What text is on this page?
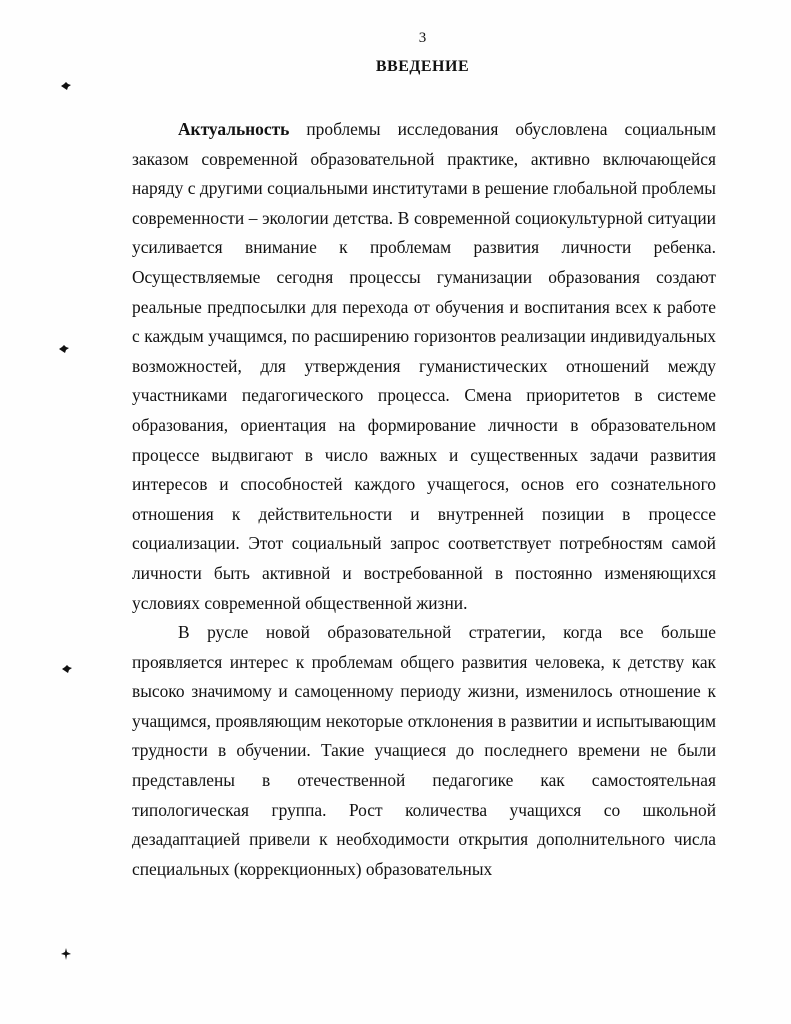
3
ВВЕДЕНИЕ

Актуальность проблемы исследования обусловлена социальным заказом современной образовательной практике, активно включающейся наряду с другими социальными институтами в решение глобальной проблемы современности – экологии детства. В современной социокультурной ситуации усиливается внимание к проблемам развития личности ребенка. Осуществляемые сегодня процессы гуманизации образования создают реальные предпосылки для перехода от обучения и воспитания всех к работе с каждым учащимся, по расширению горизонтов реализации индивидуальных возможностей, для утверждения гуманистических отношений между участниками педагогического процесса. Смена приоритетов в системе образования, ориентация на формирование личности в образовательном процессе выдвигают в число важных и существенных задачи развития интересов и способностей каждого учащегося, основ его сознательного отношения к действительности и внутренней позиции в процессе социализации. Этот социальный запрос соответствует потребностям самой личности быть активной и востребованной в постоянно изменяющихся условиях современной общественной жизни.

В русле новой образовательной стратегии, когда все больше проявляется интерес к проблемам общего развития человека, к детству как высоко значимому и самоценному периоду жизни, изменилось отношение к учащимся, проявляющим некоторые отклонения в развитии и испытывающим трудности в обучении. Такие учащиеся до последнего времени не были представлены в отечественной педагогике как самостоятельная типологическая группа. Рост количества учащихся со школьной дезадаптацией привели к необходимости открытия дополнительного числа специальных (коррекционных) образовательных
